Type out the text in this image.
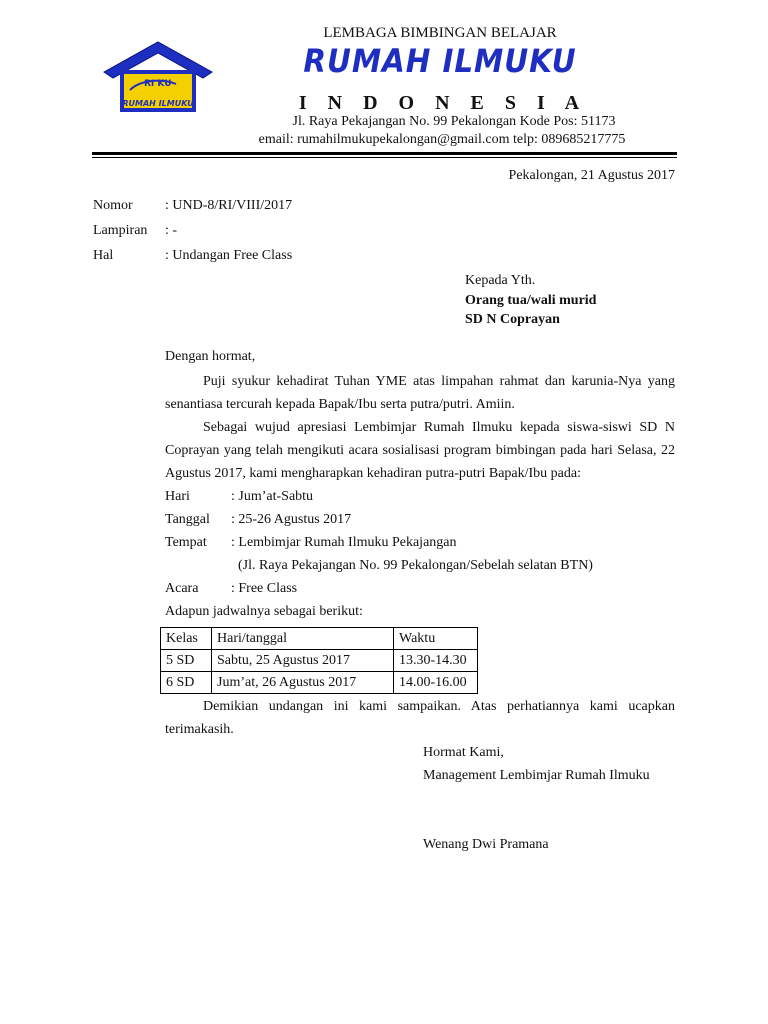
RI KU
RUMAH ILMUKU
LEMBAGA BIMBINGAN BELAJAR
RUMAH ILMUKU
I N D O N E S I A
Jl. Raya Pekajangan No. 99 Pekalongan Kode Pos: 51173
email: rumahilmukupekalongan@gmail.com telp: 089685217775
Pekalongan, 21 Agustus 2017
Nomor : UND-8/RI/VIII/2017
Lampiran : -
Hal	: Undangan Free Class
Kepada Yth.
Orang tua/wali murid
SD N Coprayan
Dengan hormat,
Puji syukur kehadirat Tuhan YME atas limpahan rahmat dan karunia-Nya yang
senantiasa tercurah kepada Bapak/Ibu serta putra/putri. Amiin.
Sebagai wujud apresiasi Lembimjar Rumah Ilmuku kepada siswa-siswi SD N
Coprayan yang telah mengikuti acara sosialisasi program bimbingan pada hari Selasa, 22
Agustus 2017, kami mengharapkan kehadiran putra-putri Bapak/Ibu pada:
Hari	: Jum’at-Sabtu
Tanggal : 25-26 Agustus 2017
Tempat : Lembimjar Rumah Ilmuku Pekajangan
(Jl. Raya Pekajangan No. 99 Pekalongan/Sebelah selatan BTN)
Acara : Free Class
Adapun jadwalnya sebagai berikut:
Kelas	Hari/tanggal	Waktu
5 SD	Sabtu, 25 Agustus 2017	13.30-14.30
6 SD	Jum’at, 26 Agustus 2017	14.00-16.00
Demikian undangan ini kami sampaikan. Atas perhatiannya kami ucapkan
terimakasih.
Hormat Kami,
Management Lembimjar Rumah Ilmuku
Wenang Dwi Pramana
